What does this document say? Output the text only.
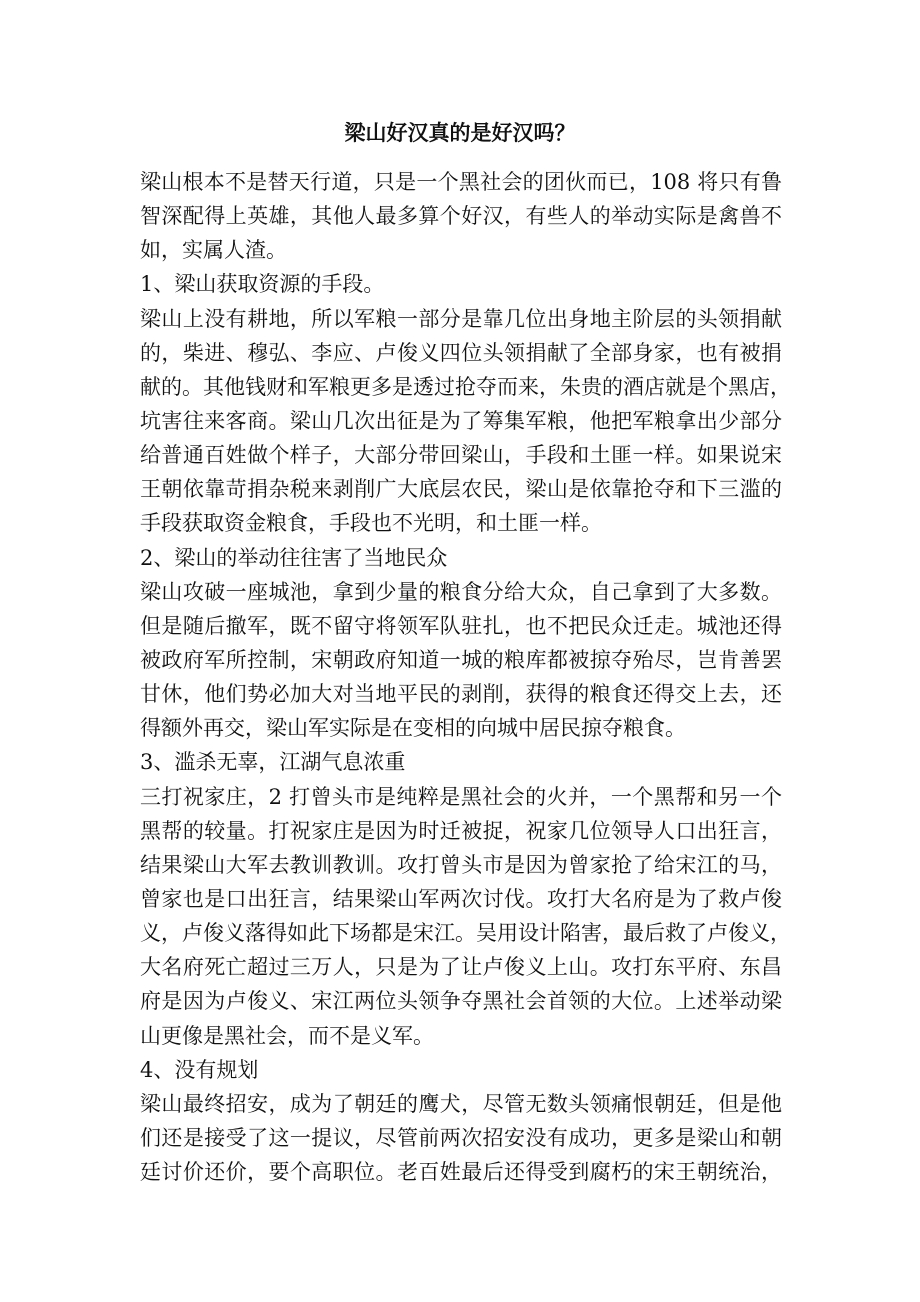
梁山好汉真的是好汉吗？
梁山根本不是替天行道，只是一个黑社会的团伙而已，108 将只有鲁
智深配得上英雄，其他人最多算个好汉，有些人的举动实际是禽兽不
如，实属人渣。
1、梁山获取资源的手段。
梁山上没有耕地，所以军粮一部分是靠几位出身地主阶层的头领捐献
的，柴进、穆弘、李应、卢俊义四位头领捐献了全部身家，也有被捐
献的。其他钱财和军粮更多是透过抢夺而来，朱贵的酒店就是个黑店，
坑害往来客商。梁山几次出征是为了筹集军粮，他把军粮拿出少部分
给普通百姓做个样子，大部分带回梁山，手段和土匪一样。如果说宋
王朝依靠苛捐杂税来剥削广大底层农民，梁山是依靠抢夺和下三滥的
手段获取资金粮食，手段也不光明，和土匪一样。
2、梁山的举动往往害了当地民众
梁山攻破一座城池，拿到少量的粮食分给大众，自己拿到了大多数。
但是随后撤军，既不留守将领军队驻扎，也不把民众迁走。城池还得
被政府军所控制，宋朝政府知道一城的粮库都被掠夺殆尽，岂肯善罢
甘休，他们势必加大对当地平民的剥削，获得的粮食还得交上去，还
得额外再交，梁山军实际是在变相的向城中居民掠夺粮食。
3、滥杀无辜，江湖气息浓重
三打祝家庄，2 打曾头市是纯粹是黑社会的火并，一个黑帮和另一个
黑帮的较量。打祝家庄是因为时迁被捉，祝家几位领导人口出狂言，
结果梁山大军去教训教训。攻打曾头市是因为曾家抢了给宋江的马，
曾家也是口出狂言，结果梁山军两次讨伐。攻打大名府是为了救卢俊
义，卢俊义落得如此下场都是宋江。吴用设计陷害，最后救了卢俊义，
大名府死亡超过三万人，只是为了让卢俊义上山。攻打东平府、东昌
府是因为卢俊义、宋江两位头领争夺黑社会首领的大位。上述举动梁
山更像是黑社会，而不是义军。
4、没有规划
梁山最终招安，成为了朝廷的鹰犬，尽管无数头领痛恨朝廷，但是他
们还是接受了这一提议，尽管前两次招安没有成功，更多是梁山和朝
廷讨价还价，要个高职位。老百姓最后还得受到腐朽的宋王朝统治，
